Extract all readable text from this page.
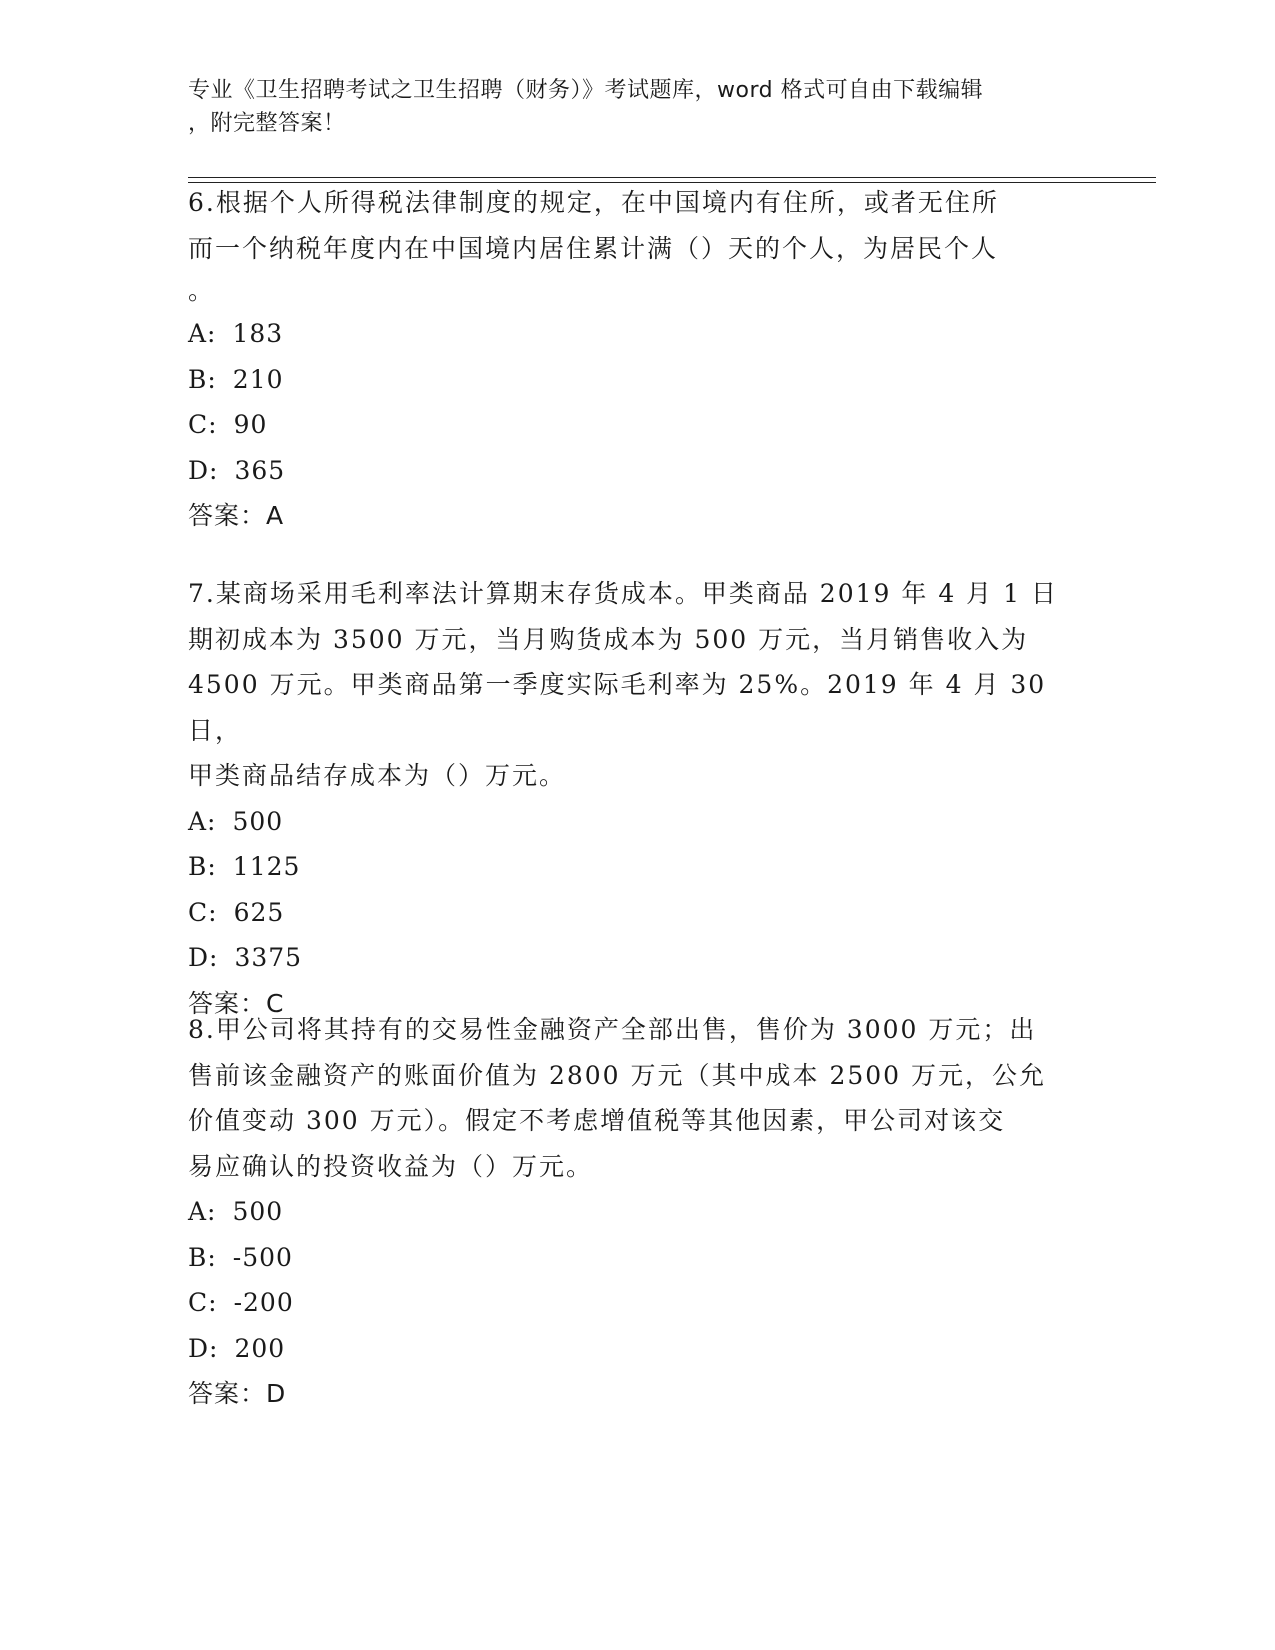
专业《卫生招聘考试之卫生招聘（财务）》考试题库，word 格式可自由下载编辑
，附完整答案！

6.根据个人所得税法律制度的规定，在中国境内有住所，或者无住所

而一个纳税年度内在中国境内居住累计满（）天的个人，为居民个人

。

A: 183
B: 210
C: 90
D: 365
答案：A

7.某商场采用毛利率法计算期末存货成本。甲类商品 2019 年 4 月 1 日

期初成本为 3500 万元，当月购货成本为 500 万元，当月销售收入为

4500 万元。甲类商品第一季度实际毛利率为 25%。2019 年 4 月 30 日，

甲类商品结存成本为（）万元。

A: 500
B: 1125
C: 625
D: 3375
答案：C

8.甲公司将其持有的交易性金融资产全部出售，售价为 3000 万元；出

售前该金融资产的账面价值为 2800 万元（其中成本 2500 万元，公允

价值变动 300 万元）。假定不考虑增值税等其他因素，甲公司对该交

易应确认的投资收益为（）万元。

A: 500
B: -500
C: -200
D: 200
答案：D
